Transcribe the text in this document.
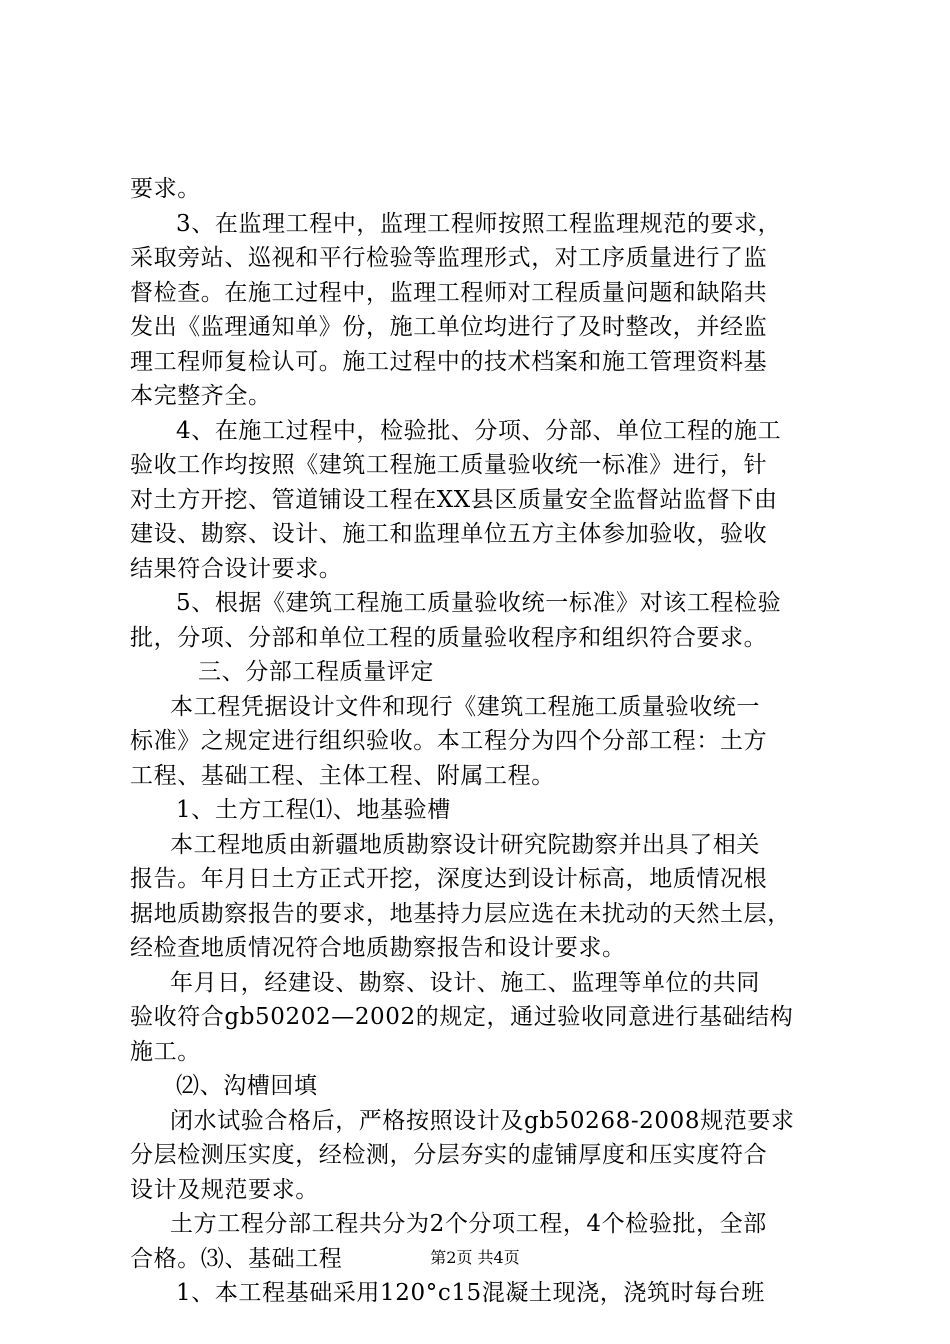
要求。
3、在监理工程中，监理工程师按照工程监理规范的要求，
采取旁站、巡视和平行检验等监理形式，对工序质量进行了监
督检查。在施工过程中，监理工程师对工程质量问题和缺陷共
发出《监理通知单》份，施工单位均进行了及时整改，并经监
理工程师复检认可。施工过程中的技术档案和施工管理资料基
本完整齐全。
4、在施工过程中，检验批、分项、分部、单位工程的施工
验收工作均按照《建筑工程施工质量验收统一标准》进行，针
对土方开挖、管道铺设工程在XX县区质量安全监督站监督下由
建设、勘察、设计、施工和监理单位五方主体参加验收，验收
结果符合设计要求。
5、根据《建筑工程施工质量验收统一标准》对该工程检验
批，分项、分部和单位工程的质量验收程序和组织符合要求。
三、分部工程质量评定
本工程凭据设计文件和现行《建筑工程施工质量验收统一
标准》之规定进行组织验收。本工程分为四个分部工程：土方
工程、基础工程、主体工程、附属工程。
1、土方工程⑴、地基验槽
本工程地质由新疆地质勘察设计研究院勘察并出具了相关
报告。年月日土方正式开挖，深度达到设计标高，地质情况根
据地质勘察报告的要求，地基持力层应选在未扰动的天然土层，
经检查地质情况符合地质勘察报告和设计要求。
年月日，经建设、勘察、设计、施工、监理等单位的共同
验收符合gb50202—2002的规定，通过验收同意进行基础结构
施工。
⑵、沟槽回填
闭水试验合格后，严格按照设计及gb50268-2008规范要求
分层检测压实度，经检测，分层夯实的虚铺厚度和压实度符合
设计及规范要求。
土方工程分部工程共分为2个分项工程，4个检验批，全部
合格。⑶、基础工程
1、本工程基础采用120°c15混凝土现浇，浇筑时每台班
第2页 共4页
